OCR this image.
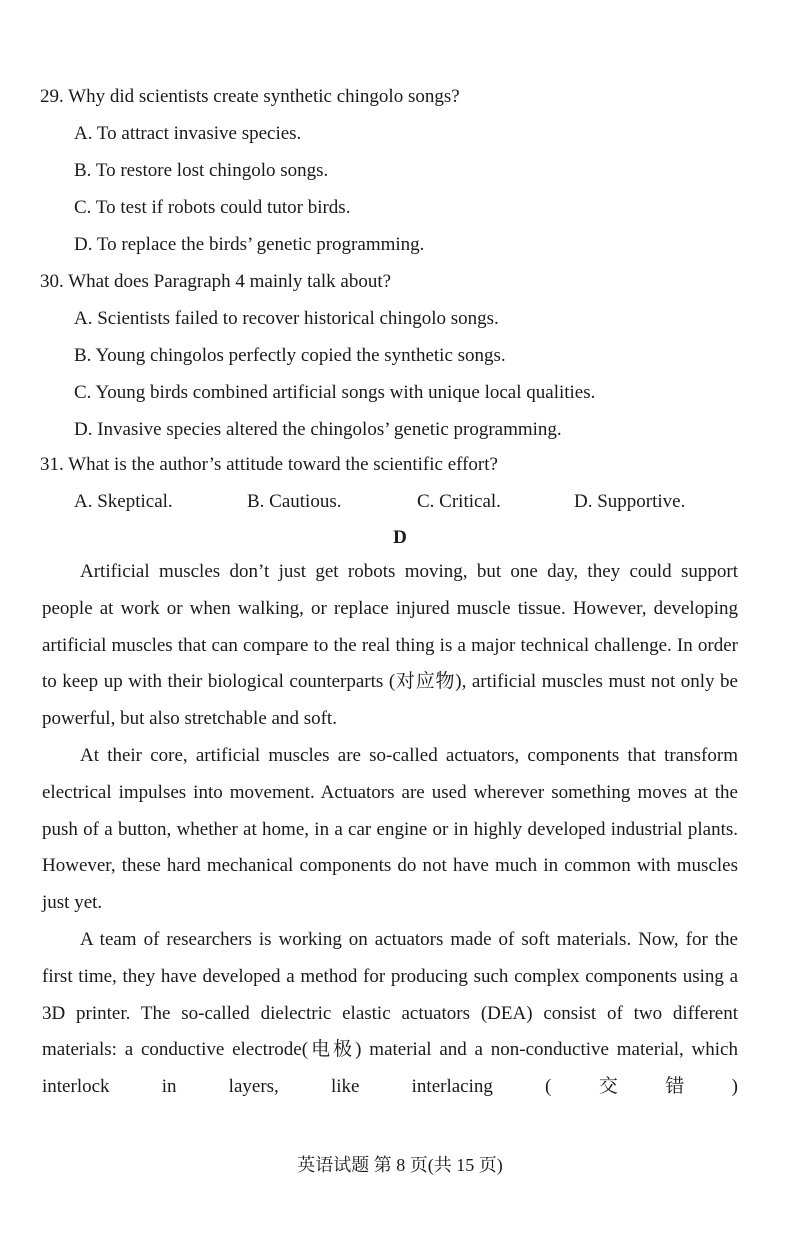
29. Why did scientists create synthetic chingolo songs?
A. To attract invasive species.
B. To restore lost chingolo songs.
C. To test if robots could tutor birds.
D. To replace the birds’ genetic programming.
30. What does Paragraph 4 mainly talk about?
A. Scientists failed to recover historical chingolo songs.
B. Young chingolos perfectly copied the synthetic songs.
C. Young birds combined artificial songs with unique local qualities.
D. Invasive species altered the chingolos’ genetic programming.
31. What is the author’s attitude toward the scientific effort?
A. Skeptical.	B. Cautious.	C. Critical.	D. Supportive.
D

Artificial muscles don’t just get robots moving, but one day, they could support people at work or when walking, or replace injured muscle tissue. However, developing artificial muscles that can compare to the real thing is a major technical challenge. In order to keep up with their biological counterparts (对应物), artificial muscles must not only be powerful, but also stretchable and soft.

At their core, artificial muscles are so-called actuators, components that transform electrical impulses into movement. Actuators are used wherever something moves at the push of a button, whether at home, in a car engine or in highly developed industrial plants. However, these hard mechanical components do not have much in common with muscles just yet.

A team of researchers is working on actuators made of soft materials. Now, for the first time, they have developed a method for producing such complex components using a 3D printer. The so-called dielectric elastic actuators (DEA) consist of two different materials: a conductive electrode(电极) material and a non-conductive material, which interlock in layers, like interlacing (交错)

英语试题 第 8 页(共 15 页)
